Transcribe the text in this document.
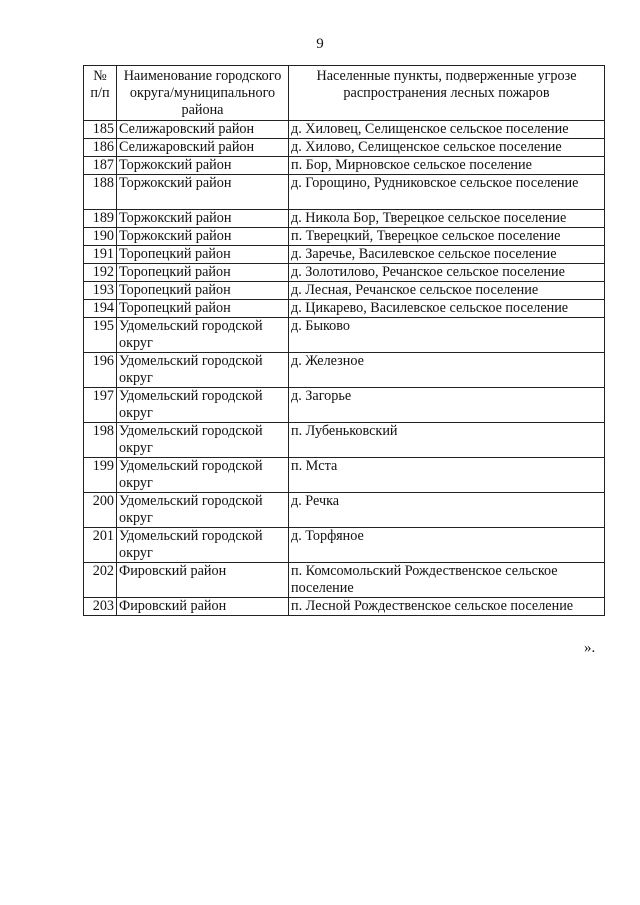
9
№ п/п	Наименование городского округа/муниципального района	Населенные пункты, подверженные угрозе распространения лесных пожаров
185	Селижаровский район	д. Хиловец, Селищенское сельское поселение
186	Селижаровский район	д. Хилово, Селищенское сельское поселение
187	Торжокский район	п. Бор, Мирновское сельское поселение
188	Торжокский район	д. Горощино, Рудниковское сельское поселение
189	Торжокский район	д. Никола Бор, Тверецкое сельское поселение
190	Торжокский район	п. Тверецкий, Тверецкое сельское поселение
191	Торопецкий район	д. Заречье, Василевское сельское поселение
192	Торопецкий район	д. Золотилово, Речанское сельское поселение
193	Торопецкий район	д. Лесная, Речанское сельское поселение
194	Торопецкий район	д. Цикарево, Василевское сельское поселение
195	Удомельский городской округ	д. Быково
196	Удомельский городской округ	д. Железное
197	Удомельский городской округ	д. Загорье
198	Удомельский городской округ	п. Лубеньковский
199	Удомельский городской округ	п. Мста
200	Удомельский городской округ	д. Речка
201	Удомельский городской округ	д. Торфяное
202	Фировский район	п. Комсомольский Рождественское сельское поселение
203	Фировский район	п. Лесной Рождественское сельское поселение
».
